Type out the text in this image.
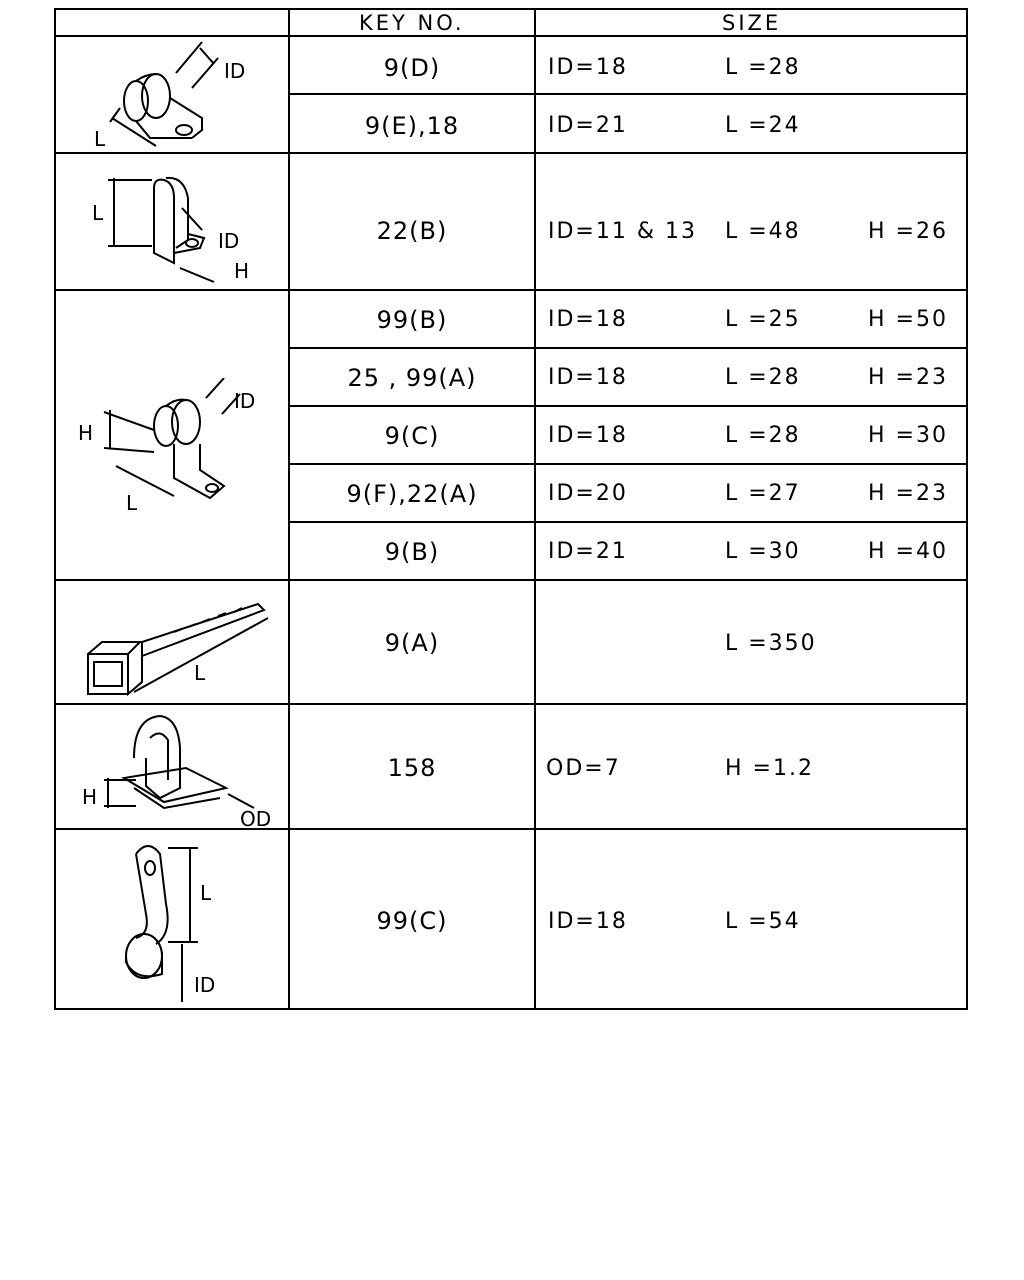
KEY NO.	SIZE
9(D)	ID=18	L =28
9(E),18	ID=21	L =24
22(B)	ID=11 & 13 L =48	H =26
99(B)	ID=18	L =25	H =50
25 , 99(A)	ID=18	L =28	H =23
9(C)	ID=18	L =28	H =30
9(F),22(A)	ID=20	L =27	H =23
9(B)	ID=21	L =30	H =40
9(A)	L =350
158	OD=7	H =1.2
99(C)	ID=18	L =54
ID
L
L
ID
H
H
ID
L
L
H
OD
L
ID
